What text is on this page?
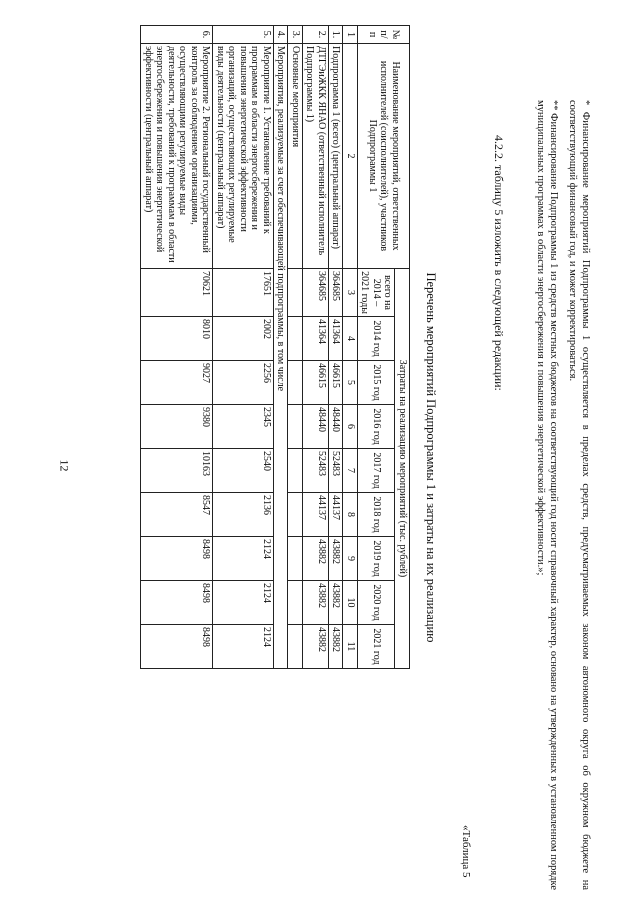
12	* Финансирование мероприятий Подпрограммы 1 осуществляется в пределах средств, предусматриваемых законом автономного округа об окружном бюджете на соответствующий финансовый год, и может корректироваться.
** Финансирование Подпрограммы 1 из средств местных бюджетов на соответствующий год носит справочный характер, основано на утвержденных в установленном порядке муниципальных программах в области энергосбережения и повышения энергетической эффективности.»;
4.2.2. таблицу 5 изложить в следующей редакции:
«Таблица 5
Перечень мероприятий Подпрограммы 1 и затраты на их реализацию
№ п/п	Наименование мероприятий, ответственных исполнителей (соисполнителей), участников Подпрограммы 1	Затраты на реализацию мероприятий (тыс. рублей)								
		всего на 2014 – 2021 годы	2014 год	2015 год	2016 год	2017 год	2018 год	2019 год	2020 год	2021 год
1	2	3	4	5	6	7	8	9	10	11
1.	Подпрограмма 1 (всего) (центральный аппарат)	364685	41364	46615	48440	52483	44137	43882	43882	43882
2.	ДТГЭиЖКК ЯНАО (ответственный исполнитель Подпрограммы 1)	364685	41364	46615	48440	52483	44137	43882	43882	43882
3.	Основные мероприятия									
4.	Мероприятия, реализуемые за счет обеспечивающей подпрограммы, в том числе									
5.	Мероприятие 1. Установление требований к программам в области энергосбережения и повышения энергетической эффективности организаций, осуществляющих регулируемые виды деятельности (центральный аппарат)	17651	2002	2256	2345	2540	2136	2124	2124	2124
6.	Мероприятие 2. Региональный государственный контроль за соблюдением организациями, осуществляющими регулируемые виды деятельности, требований к программам в области энергосбережения и повышения энергетической эффективности (центральный аппарат)	70621	8010	9027	9380	10163	8547	8498	8498	8498
